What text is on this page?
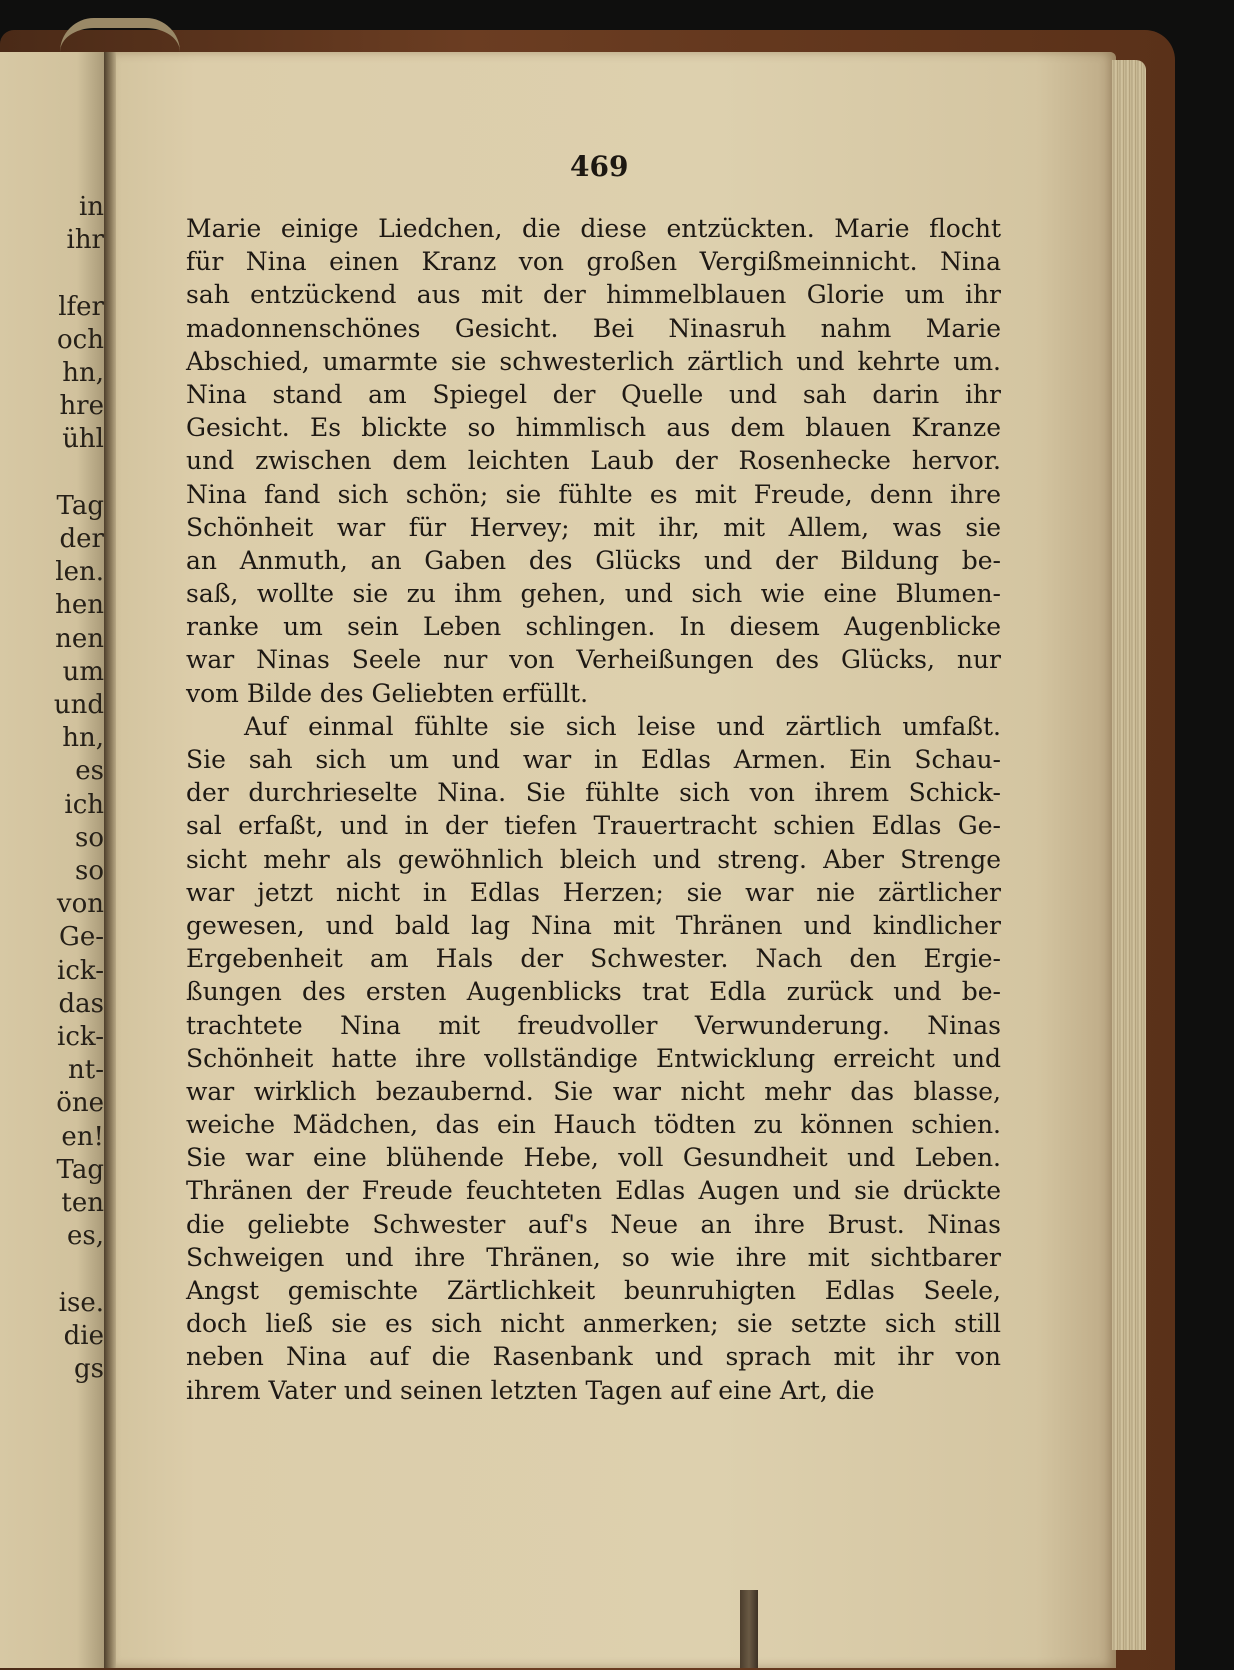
in
ihr
lfer
och
hn,
hre
ühl
Tag
der
len.
hen
nen
um
und
hn,
es
ich
so
so
von
Ge-
ick-
das
ick-
nt-
öne
en!
Tag
ten
es,
ise.
die
gs
469
Marie einige Liedchen, die diese entzückten. Marie flocht
für Nina einen Kranz von großen Vergißmeinnicht. Nina
sah entzückend aus mit der himmelblauen Glorie um ihr
madonnenschönes Gesicht. Bei Ninasruh nahm Marie
Abschied, umarmte sie schwesterlich zärtlich und kehrte um.
Nina stand am Spiegel der Quelle und sah darin ihr
Gesicht. Es blickte so himmlisch aus dem blauen Kranze
und zwischen dem leichten Laub der Rosenhecke hervor.
Nina fand sich schön; sie fühlte es mit Freude, denn ihre
Schönheit war für Hervey; mit ihr, mit Allem, was sie
an Anmuth, an Gaben des Glücks und der Bildung be-
saß, wollte sie zu ihm gehen, und sich wie eine Blumen-
ranke um sein Leben schlingen. In diesem Augenblicke
war Ninas Seele nur von Verheißungen des Glücks, nur
vom Bilde des Geliebten erfüllt.
Auf einmal fühlte sie sich leise und zärtlich umfaßt.
Sie sah sich um und war in Edlas Armen. Ein Schau-
der durchrieselte Nina. Sie fühlte sich von ihrem Schick-
sal erfaßt, und in der tiefen Trauertracht schien Edlas Ge-
sicht mehr als gewöhnlich bleich und streng. Aber Strenge
war jetzt nicht in Edlas Herzen; sie war nie zärtlicher
gewesen, und bald lag Nina mit Thränen und kindlicher
Ergebenheit am Hals der Schwester. Nach den Ergie-
ßungen des ersten Augenblicks trat Edla zurück und be-
trachtete Nina mit freudvoller Verwunderung. Ninas
Schönheit hatte ihre vollständige Entwicklung erreicht und
war wirklich bezaubernd. Sie war nicht mehr das blasse,
weiche Mädchen, das ein Hauch tödten zu können schien.
Sie war eine blühende Hebe, voll Gesundheit und Leben.
Thränen der Freude feuchteten Edlas Augen und sie drückte
die geliebte Schwester auf's Neue an ihre Brust. Ninas
Schweigen und ihre Thränen, so wie ihre mit sichtbarer
Angst gemischte Zärtlichkeit beunruhigten Edlas Seele,
doch ließ sie es sich nicht anmerken; sie setzte sich still
neben Nina auf die Rasenbank und sprach mit ihr von
ihrem Vater und seinen letzten Tagen auf eine Art, die
